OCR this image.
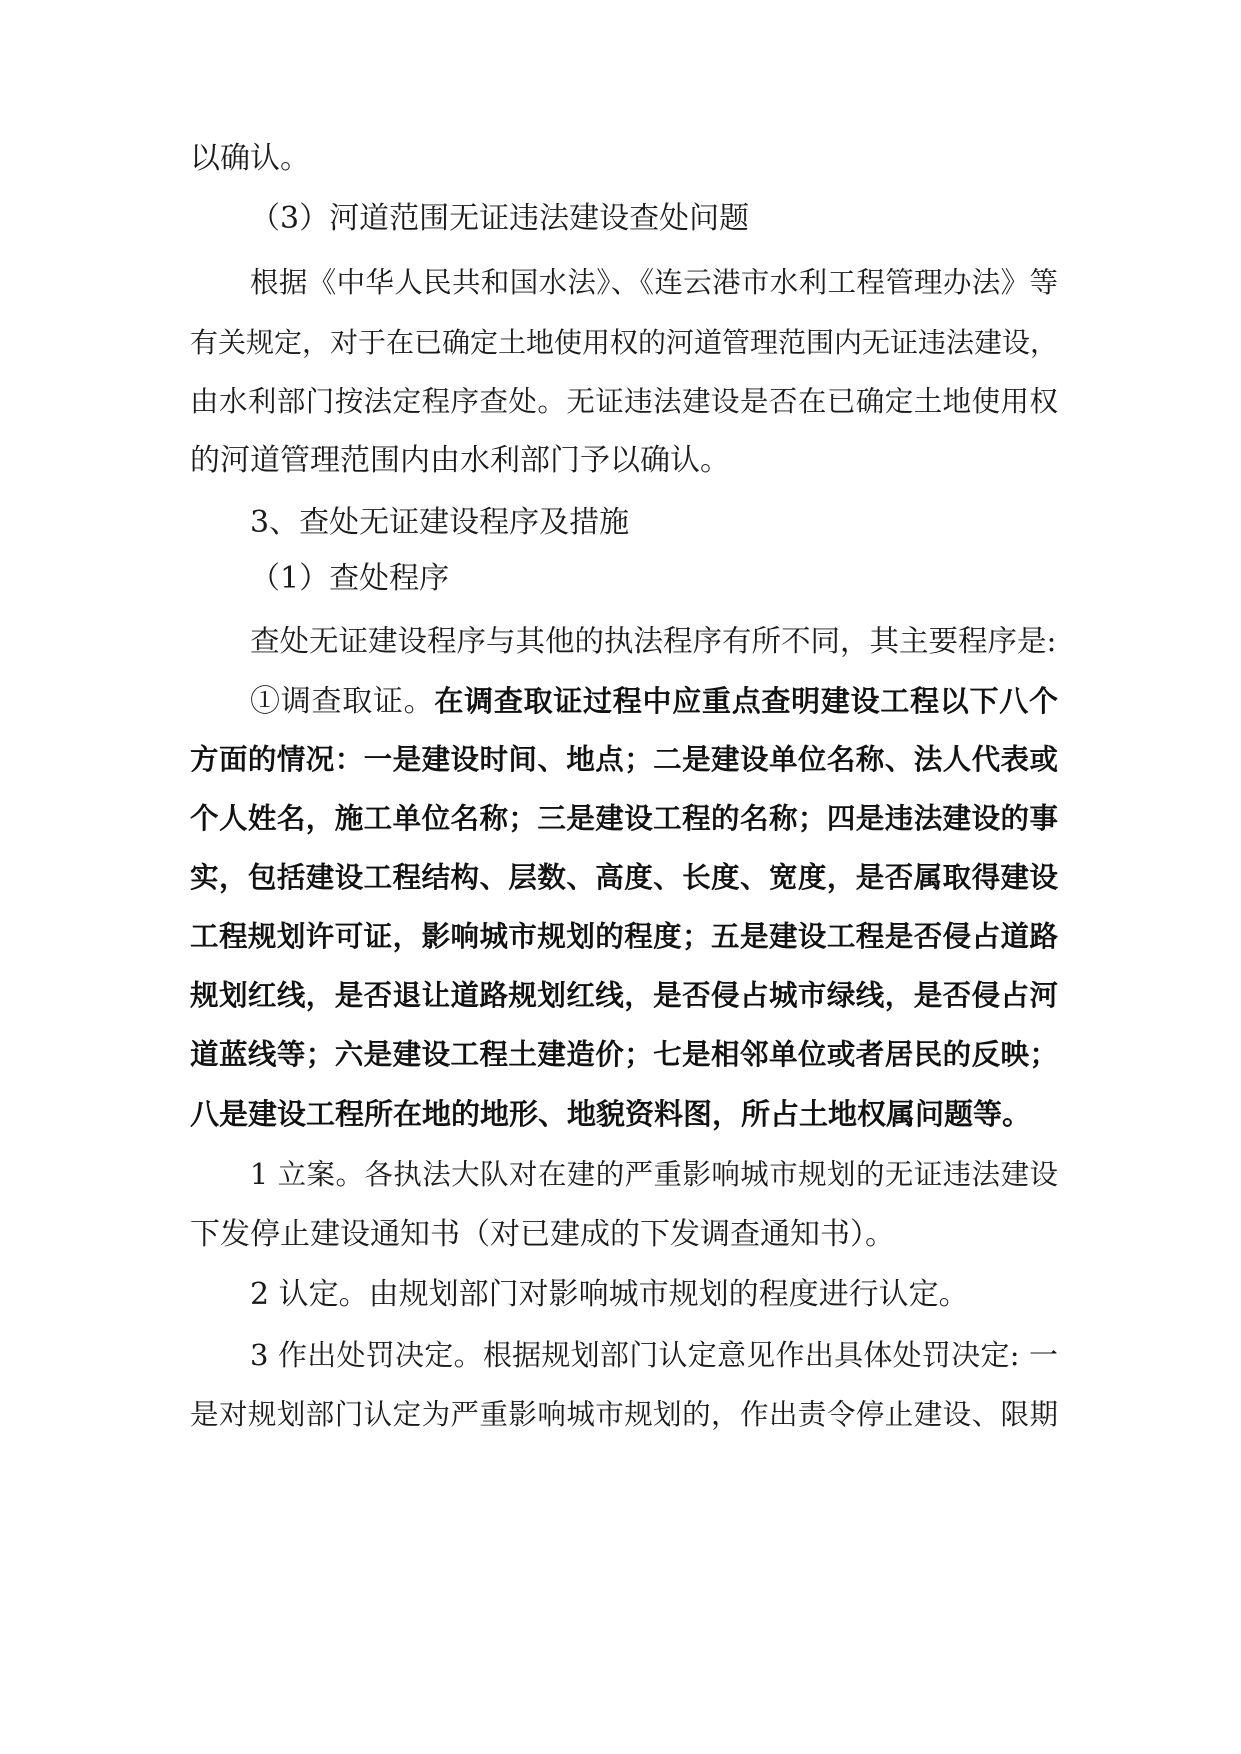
以确认。
（3）河道范围无证违法建设查处问题
根据《中华人民共和国水法》、《连云港市水利工程管理办法》等
有关规定，对于在已确定土地使用权的河道管理范围内无证违法建设，
由水利部门按法定程序查处。无证违法建设是否在已确定土地使用权
的河道管理范围内由水利部门予以确认。
3、查处无证建设程序及措施
（1）查处程序
查处无证建设程序与其他的执法程序有所不同，其主要程序是:
①调查取证。在调查取证过程中应重点查明建设工程以下八个
方面的情况：一是建设时间、地点；二是建设单位名称、法人代表或
个人姓名，施工单位名称；三是建设工程的名称；四是违法建设的事
实，包括建设工程结构、层数、高度、长度、宽度，是否属取得建设
工程规划许可证，影响城市规划的程度；五是建设工程是否侵占道路
规划红线，是否退让道路规划红线，是否侵占城市绿线，是否侵占河
道蓝线等；六是建设工程土建造价；七是相邻单位或者居民的反映；
八是建设工程所在地的地形、地貌资料图，所占土地权属问题等。
1 立案。各执法大队对在建的严重影响城市规划的无证违法建设
下发停止建设通知书（对已建成的下发调查通知书）。
2 认定。由规划部门对影响城市规划的程度进行认定。
3 作出处罚决定。根据规划部门认定意见作出具体处罚决定: 一
是对规划部门认定为严重影响城市规划的，作出责令停止建设、限期
